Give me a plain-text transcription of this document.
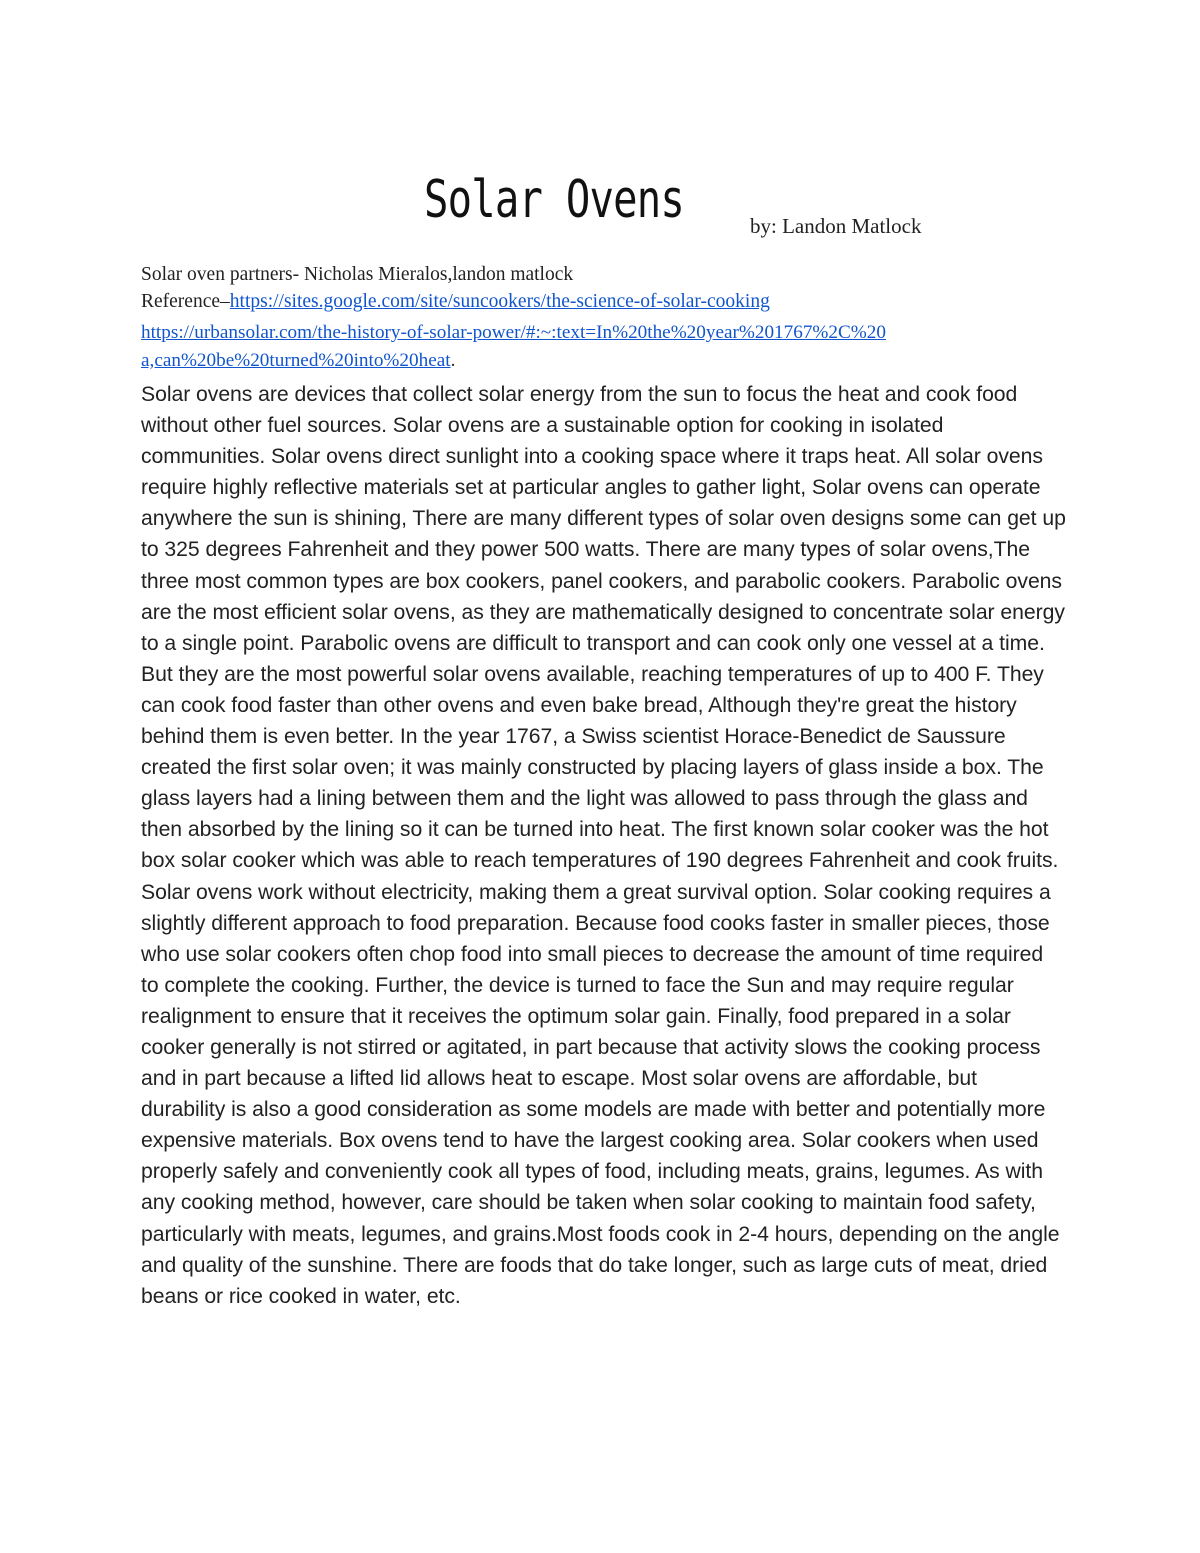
Solar Ovens	by: Landon Matlock
Solar oven partners- Nicholas Mieralos,landon matlock
Reference–https://sites.google.com/site/suncookers/the-science-of-solar-cooking
https://urbansolar.com/the-history-of-solar-power/#:~:text=In%20the%20year%201767%2C%20
a,can%20be%20turned%20into%20heat.
Solar ovens are devices that collect solar energy from the sun to focus the heat and cook food without other fuel sources. Solar ovens are a sustainable option for cooking in isolated communities. Solar ovens direct sunlight into a cooking space where it traps heat. All solar ovens require highly reflective materials set at particular angles to gather light, Solar ovens can operate anywhere the sun is shining, There are many different types of solar oven designs some can get up to 325 degrees Fahrenheit and they power 500 watts. There are many types of solar ovens,The three most common types are box cookers, panel cookers, and parabolic cookers. Parabolic ovens are the most efficient solar ovens, as they are mathematically designed to concentrate solar energy to a single point. Parabolic ovens are difficult to transport and can cook only one vessel at a time. But they are the most powerful solar ovens available, reaching temperatures of up to 400 F. They can cook food faster than other ovens and even bake bread, Although they're great the history behind them is even better. In the year 1767, a Swiss scientist Horace-Benedict de Saussure created the first solar oven; it was mainly constructed by placing layers of glass inside a box. The glass layers had a lining between them and the light was allowed to pass through the glass and then absorbed by the lining so it can be turned into heat. The first known solar cooker was the hot box solar cooker which was able to reach temperatures of 190 degrees Fahrenheit and cook fruits. Solar ovens work without electricity, making them a great survival option. Solar cooking requires a slightly different approach to food preparation. Because food cooks faster in smaller pieces, those who use solar cookers often chop food into small pieces to decrease the amount of time required to complete the cooking. Further, the device is turned to face the Sun and may require regular realignment to ensure that it receives the optimum solar gain. Finally, food prepared in a solar cooker generally is not stirred or agitated, in part because that activity slows the cooking process and in part because a lifted lid allows heat to escape. Most solar ovens are affordable, but durability is also a good consideration as some models are made with better and potentially more expensive materials. Box ovens tend to have the largest cooking area. Solar cookers when used properly safely and conveniently cook all types of food, including meats, grains, legumes. As with any cooking method, however, care should be taken when solar cooking to maintain food safety, particularly with meats, legumes, and grains.Most foods cook in 2-4 hours, depending on the angle and quality of the sunshine. There are foods that do take longer, such as large cuts of meat, dried beans or rice cooked in water, etc.
